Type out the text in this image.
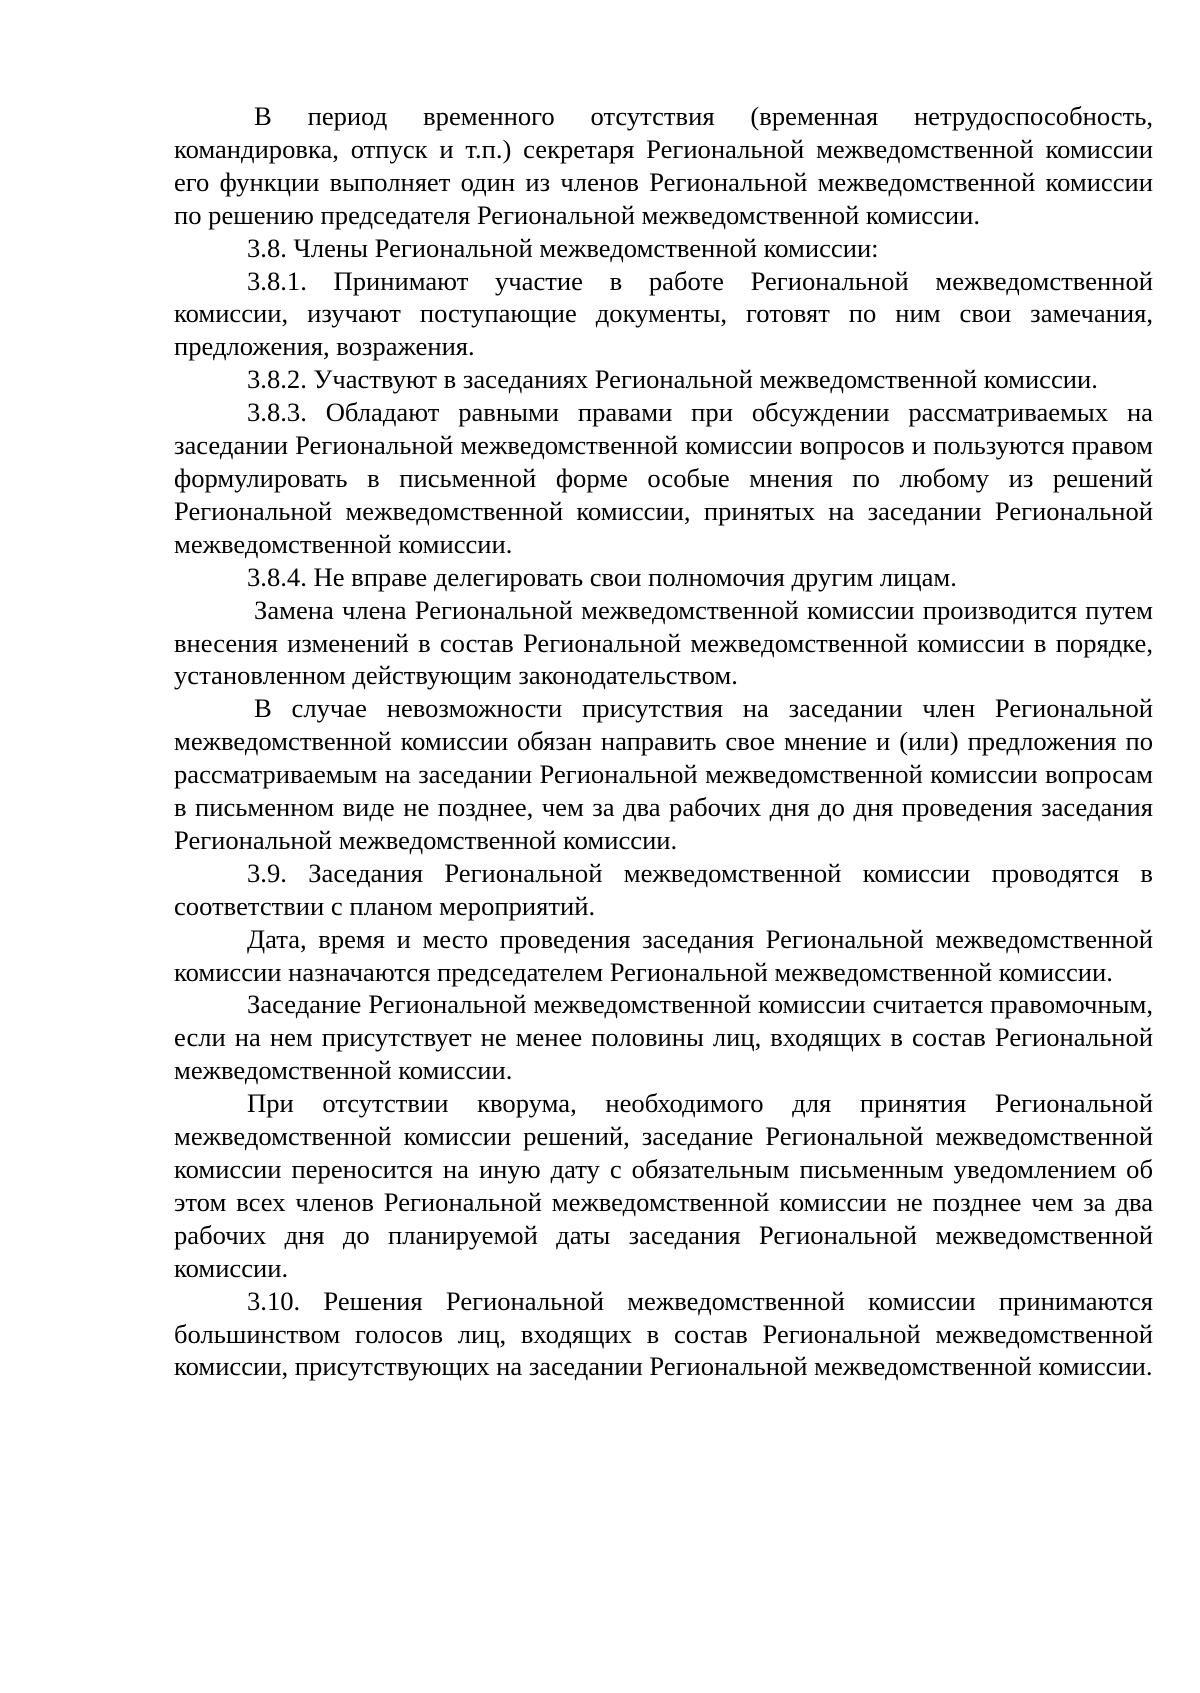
В период временного отсутствия (временная нетрудоспособность, командировка, отпуск и т.п.) секретаря Региональной межведомственной комиссии его функции выполняет один из членов Региональной межведомственной комиссии по решению председателя Региональной межведомственной комиссии.

3.8. Члены Региональной межведомственной комиссии:

3.8.1. Принимают участие в работе Региональной межведомственной комиссии, изучают поступающие документы, готовят по ним свои замечания, предложения, возражения.

3.8.2. Участвуют в заседаниях Региональной межведомственной комиссии.

3.8.3. Обладают равными правами при обсуждении рассматриваемых на заседании Региональной межведомственной комиссии вопросов и пользуются правом формулировать в письменной форме особые мнения по любому из решений Региональной межведомственной комиссии, принятых на заседании Региональной межведомственной комиссии.

3.8.4. Не вправе делегировать свои полномочия другим лицам.

Замена члена Региональной межведомственной комиссии производится путем внесения изменений в состав Региональной межведомственной комиссии в порядке, установленном действующим законодательством.

В случае невозможности присутствия на заседании член Региональной межведомственной комиссии обязан направить свое мнение и (или) предложения по рассматриваемым на заседании Региональной межведомственной комиссии вопросам в письменном виде не позднее, чем за два рабочих дня до дня проведения заседания Региональной межведомственной комиссии.

3.9. Заседания Региональной межведомственной комиссии проводятся в соответствии с планом мероприятий.

Дата, время и место проведения заседания Региональной межведомственной комиссии назначаются председателем Региональной межведомственной комиссии.

Заседание Региональной межведомственной комиссии считается правомочным, если на нем присутствует не менее половины лиц, входящих в состав Региональной межведомственной комиссии.

При отсутствии кворума, необходимого для принятия Региональной межведомственной комиссии решений, заседание Региональной межведомственной комиссии переносится на иную дату с обязательным письменным уведомлением об этом всех членов Региональной межведомственной комиссии не позднее чем за два рабочих дня до планируемой даты заседания Региональной межведомственной комиссии.

3.10. Решения Региональной межведомственной комиссии принимаются большинством голосов лиц, входящих в состав Региональной межведомственной комиссии, присутствующих на заседании Региональной межведомственной комиссии.
